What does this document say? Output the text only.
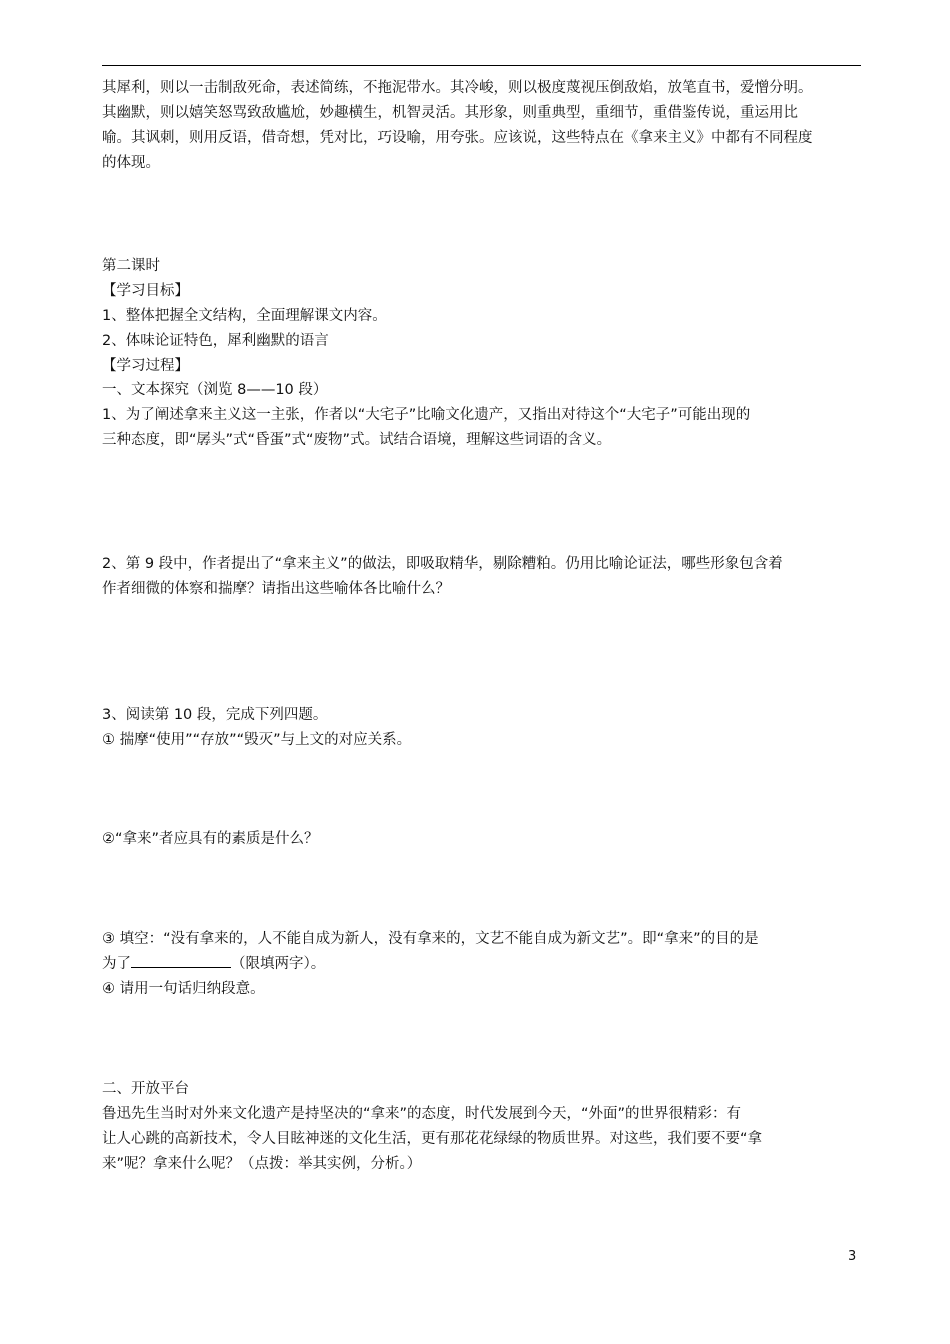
其犀利，则以一击制敌死命，表述简练，不拖泥带水。其冷峻，则以极度蔑视压倒敌焰，放笔直书，爱憎分明。
其幽默，则以嬉笑怒骂致敌尴尬，妙趣横生，机智灵活。其形象，则重典型，重细节，重借鉴传说，重运用比
喻。其讽刺，则用反语，借奇想，凭对比，巧设喻，用夸张。应该说，这些特点在《拿来主义》中都有不同程度
的体现。
第二课时
【学习目标】
1、整体把握全文结构，全面理解课文内容。
2、体味论证特色，犀利幽默的语言
【学习过程】
一、文本探究（浏览 8——10 段）
1、为了阐述拿来主义这一主张，作者以“大宅子”比喻文化遗产，又指出对待这个“大宅子”可能出现的
三种态度，即“孱头”式“昏蛋”式“废物”式。试结合语境，理解这些词语的含义。
2、第 9 段中，作者提出了“拿来主义”的做法，即吸取精华，剔除糟粕。仍用比喻论证法，哪些形象包含着
作者细微的体察和揣摩？请指出这些喻体各比喻什么？
3、阅读第 10 段，完成下列四题。
① 揣摩“使用”“存放”“毁灭”与上文的对应关系。
②“拿来”者应具有的素质是什么？
③ 填空：“没有拿来的，人不能自成为新人，没有拿来的，文艺不能自成为新文艺”。即“拿来”的目的是
为了	（限填两字）。
④ 请用一句话归纳段意。
二、开放平台
鲁迅先生当时对外来文化遗产是持坚决的“拿来”的态度，时代发展到今天，“外面”的世界很精彩：有
让人心跳的高新技术，令人目眩神迷的文化生活，更有那花花绿绿的物质世界。对这些，我们要不要“拿
来”呢？拿来什么呢？（点拨：举其实例，分析。）
3
